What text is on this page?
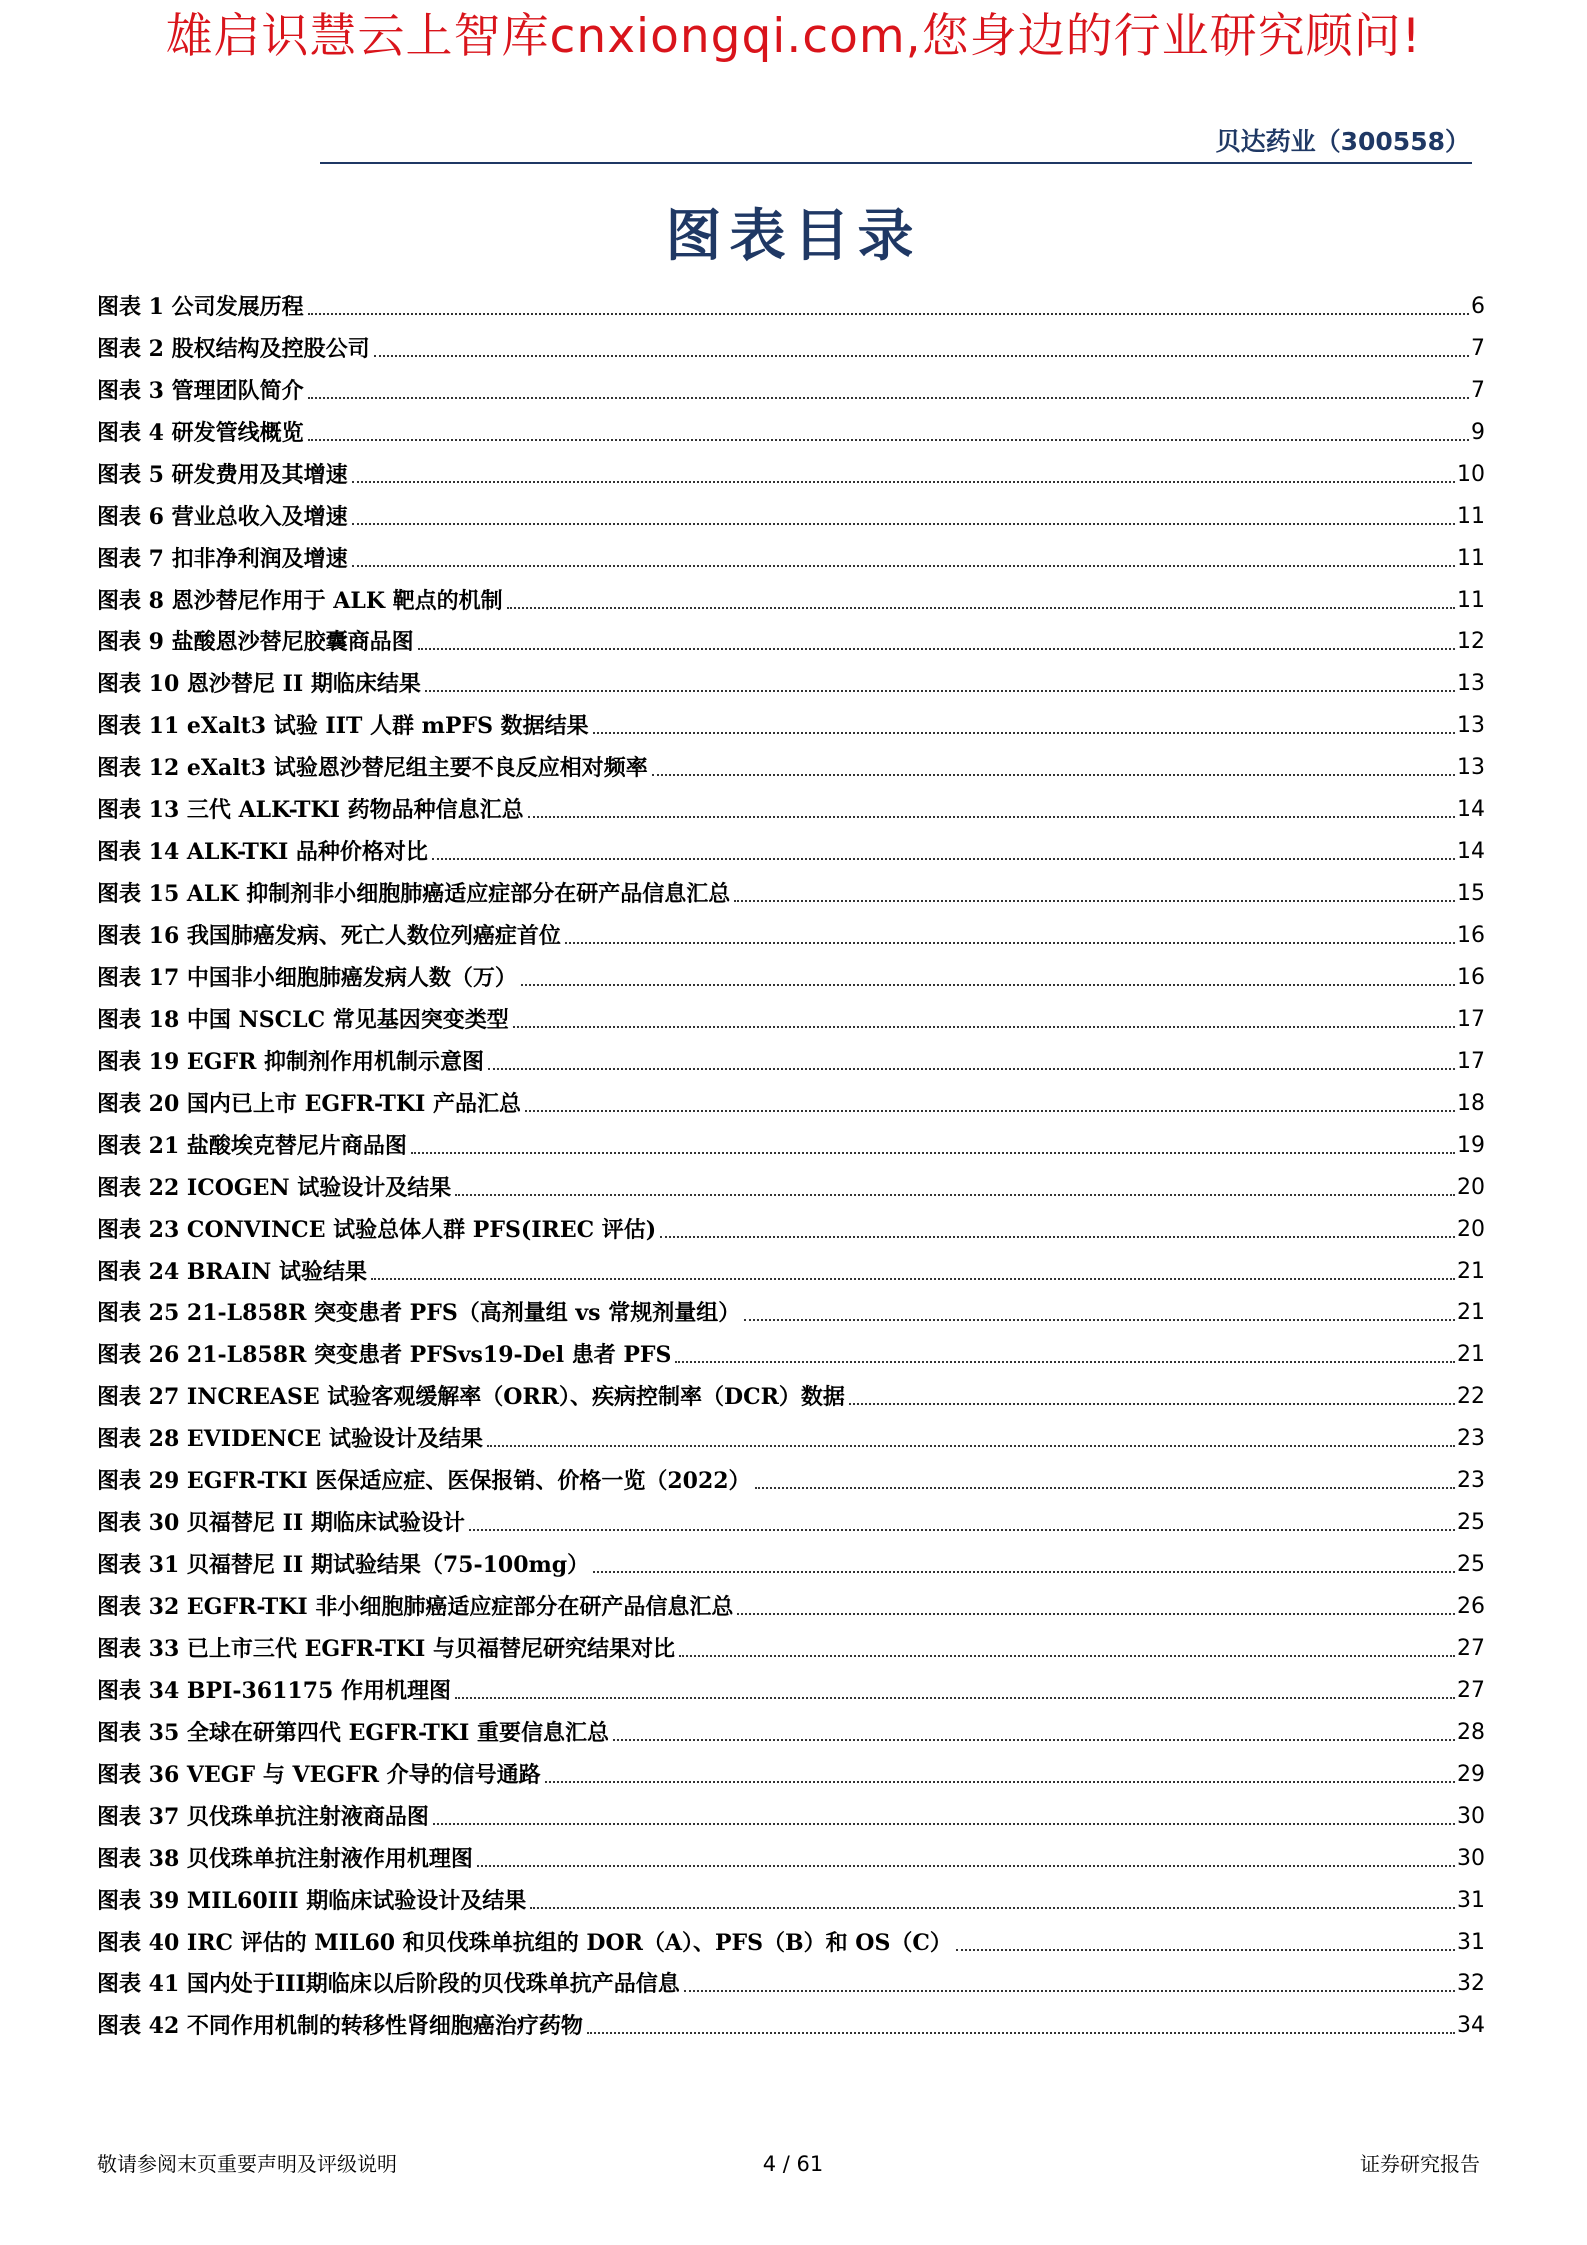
雄启识慧云上智库cnxiongqi.com,您身边的行业研究顾问!
贝达药业（300558）
图表目录
图表 1 公司发展历程	6
图表 2 股权结构及控股公司	7
图表 3 管理团队简介	7
图表 4 研发管线概览	9
图表 5 研发费用及其增速	10
图表 6 营业总收入及增速	11
图表 7 扣非净利润及增速	11
图表 8 恩沙替尼作用于 ALK 靶点的机制	11
图表 9 盐酸恩沙替尼胶囊商品图	12
图表 10 恩沙替尼 II 期临床结果	13
图表 11 eXalt3 试验 IIT 人群 mPFS 数据结果	13
图表 12 eXalt3 试验恩沙替尼组主要不良反应相对频率	13
图表 13 三代 ALK-TKI 药物品种信息汇总	14
图表 14 ALK-TKI 品种价格对比	14
图表 15 ALK 抑制剂非小细胞肺癌适应症部分在研产品信息汇总	15
图表 16 我国肺癌发病、死亡人数位列癌症首位	16
图表 17 中国非小细胞肺癌发病人数（万）	16
图表 18 中国 NSCLC 常见基因突变类型	17
图表 19 EGFR 抑制剂作用机制示意图	17
图表 20 国内已上市 EGFR-TKI 产品汇总	18
图表 21 盐酸埃克替尼片商品图	19
图表 22 ICOGEN 试验设计及结果	20
图表 23 CONVINCE 试验总体人群 PFS(IREC 评估)	20
图表 24 BRAIN 试验结果	21
图表 25 21-L858R 突变患者 PFS（高剂量组 vs 常规剂量组）	21
图表 26 21-L858R 突变患者 PFSvs19-Del 患者 PFS	21
图表 27 INCREASE 试验客观缓解率（ORR）、疾病控制率（DCR）数据	22
图表 28 EVIDENCE 试验设计及结果	23
图表 29 EGFR-TKI 医保适应症、医保报销、价格一览（2022）	23
图表 30 贝福替尼 II 期临床试验设计	25
图表 31 贝福替尼 II 期试验结果（75-100mg）	25
图表 32 EGFR-TKI 非小细胞肺癌适应症部分在研产品信息汇总	26
图表 33 已上市三代 EGFR-TKI 与贝福替尼研究结果对比	27
图表 34 BPI-361175 作用机理图	27
图表 35 全球在研第四代 EGFR-TKI 重要信息汇总	28
图表 36 VEGF 与 VEGFR 介导的信号通路	29
图表 37 贝伐珠单抗注射液商品图	30
图表 38 贝伐珠单抗注射液作用机理图	30
图表 39 MIL60III 期临床试验设计及结果	31
图表 40 IRC 评估的 MIL60 和贝伐珠单抗组的 DOR（A）、PFS（B）和 OS（C）	31
图表 41 国内处于III期临床以后阶段的贝伐珠单抗产品信息	32
图表 42 不同作用机制的转移性肾细胞癌治疗药物	34
敬请参阅末页重要声明及评级说明	4 / 61	证券研究报告
